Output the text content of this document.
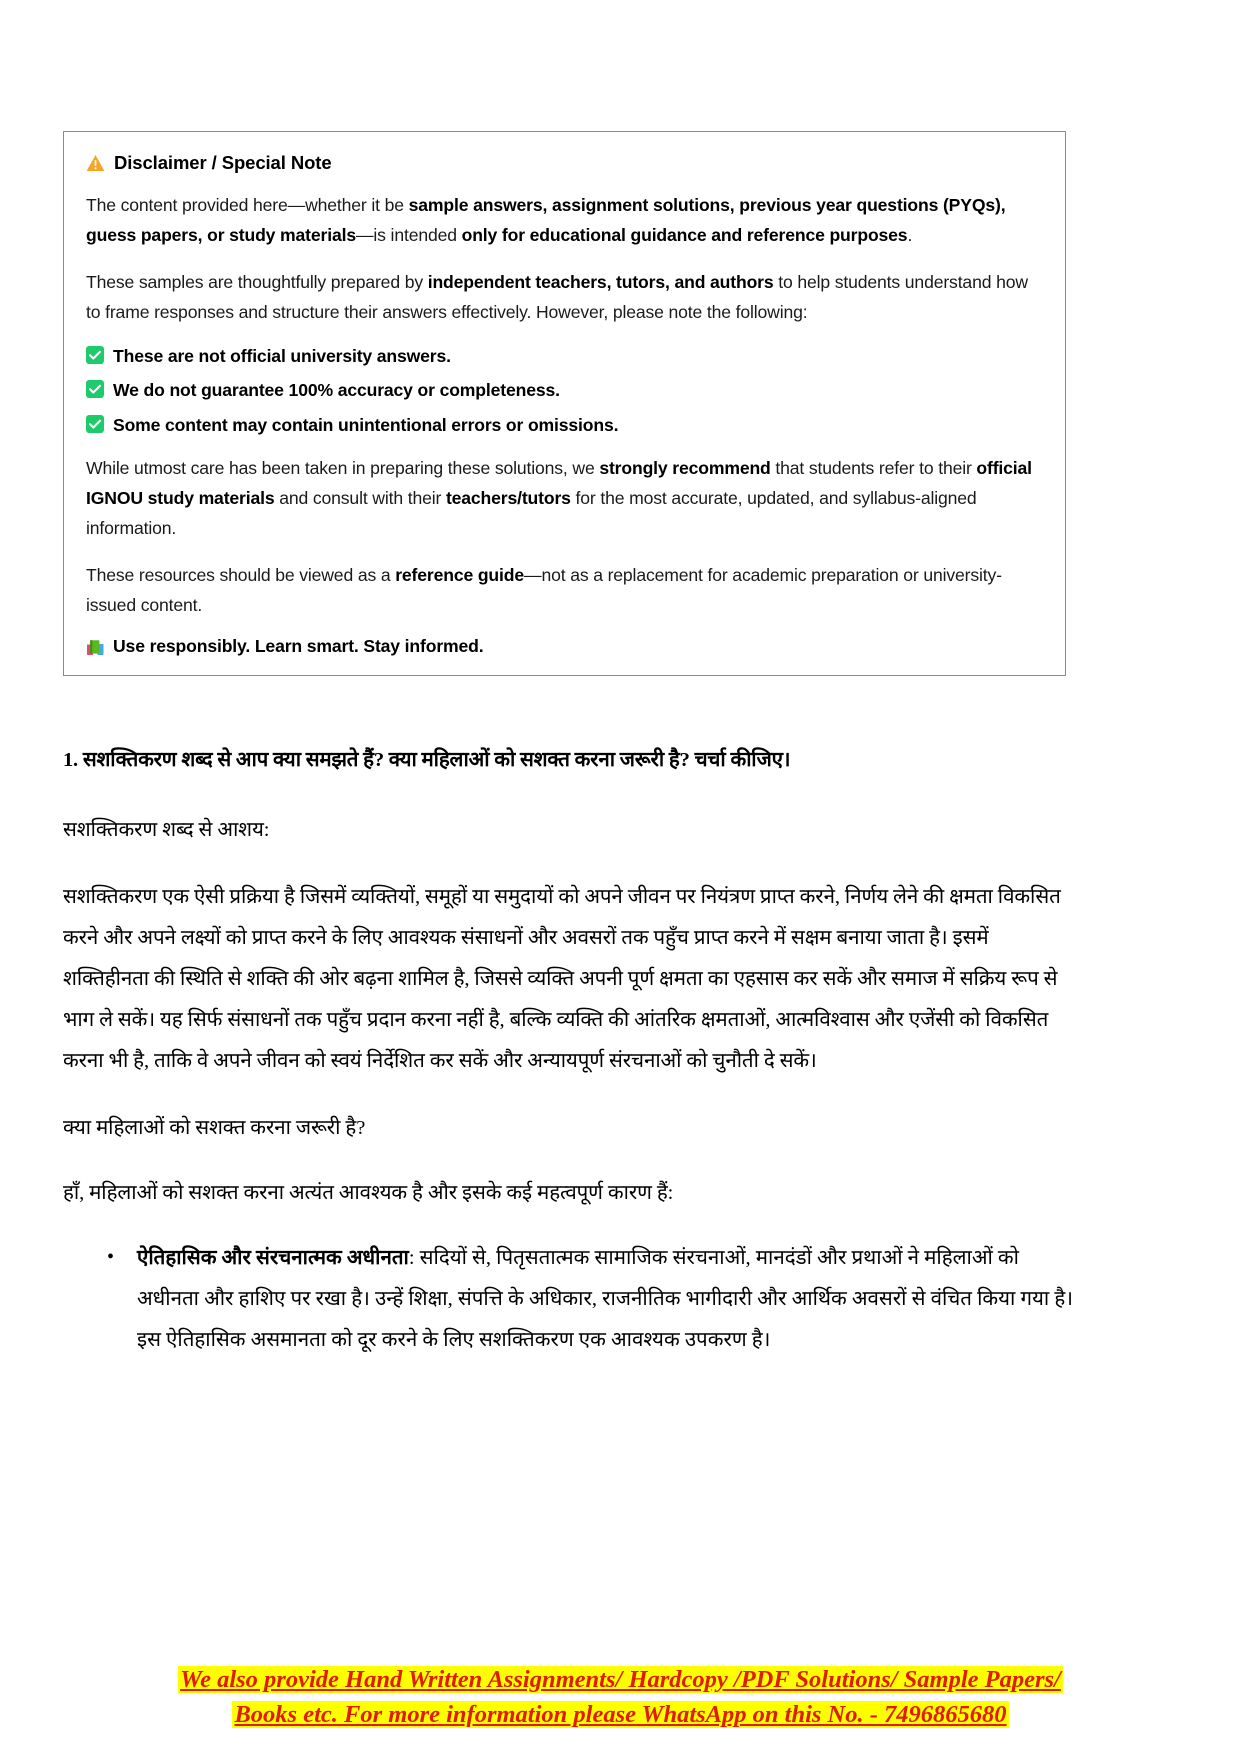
Disclaimer / Special Note

The content provided here—whether it be sample answers, assignment solutions, previous year questions (PYQs), guess papers, or study materials—is intended only for educational guidance and reference purposes.

These samples are thoughtfully prepared by independent teachers, tutors, and authors to help students understand how to frame responses and structure their answers effectively. However, please note the following:

These are not official university answers.
We do not guarantee 100% accuracy or completeness.
Some content may contain unintentional errors or omissions.

While utmost care has been taken in preparing these solutions, we strongly recommend that students refer to their official IGNOU study materials and consult with their teachers/tutors for the most accurate, updated, and syllabus-aligned information.

These resources should be viewed as a reference guide—not as a replacement for academic preparation or university-issued content.

Use responsibly. Learn smart. Stay informed.
1. सशक्तिकरण शब्द से आप क्या समझते हैं? क्या महिलाओं को सशक्त करना जरूरी है? चर्चा कीजिए।

सशक्तिकरण शब्द से आशय:

सशक्तिकरण एक ऐसी प्रक्रिया है जिसमें व्यक्तियों, समूहों या समुदायों को अपने जीवन पर नियंत्रण प्राप्त करने, निर्णय लेने की क्षमता विकसित करने और अपने लक्ष्यों को प्राप्त करने के लिए आवश्यक संसाधनों और अवसरों तक पहुँच प्राप्त करने में सक्षम बनाया जाता है। इसमें शक्तिहीनता की स्थिति से शक्ति की ओर बढ़ना शामिल है, जिससे व्यक्ति अपनी पूर्ण क्षमता का एहसास कर सकें और समाज में सक्रिय रूप से भाग ले सकें। यह सिर्फ संसाधनों तक पहुँच प्रदान करना नहीं है, बल्कि व्यक्ति की आंतरिक क्षमताओं, आत्मविश्वास और एजेंसी को विकसित करना भी है, ताकि वे अपने जीवन को स्वयं निर्देशित कर सकें और अन्यायपूर्ण संरचनाओं को चुनौती दे सकें।

क्या महिलाओं को सशक्त करना जरूरी है?

हाँ, महिलाओं को सशक्त करना अत्यंत आवश्यक है और इसके कई महत्वपूर्ण कारण हैं:

• ऐतिहासिक और संरचनात्मक अधीनता: सदियों से, पितृसतात्मक सामाजिक संरचनाओं, मानदंडों और प्रथाओं ने महिलाओं को अधीनता और हाशिए पर रखा है। उन्हें शिक्षा, संपत्ति के अधिकार, राजनीतिक भागीदारी और आर्थिक अवसरों से वंचित किया गया है। इस ऐतिहासिक असमानता को दूर करने के लिए सशक्तिकरण एक आवश्यक उपकरण है।
We also provide Hand Written Assignments/ Hardcopy /PDF Solutions/ Sample Papers/
Books etc. For more information please WhatsApp on this No. - 7496865680
